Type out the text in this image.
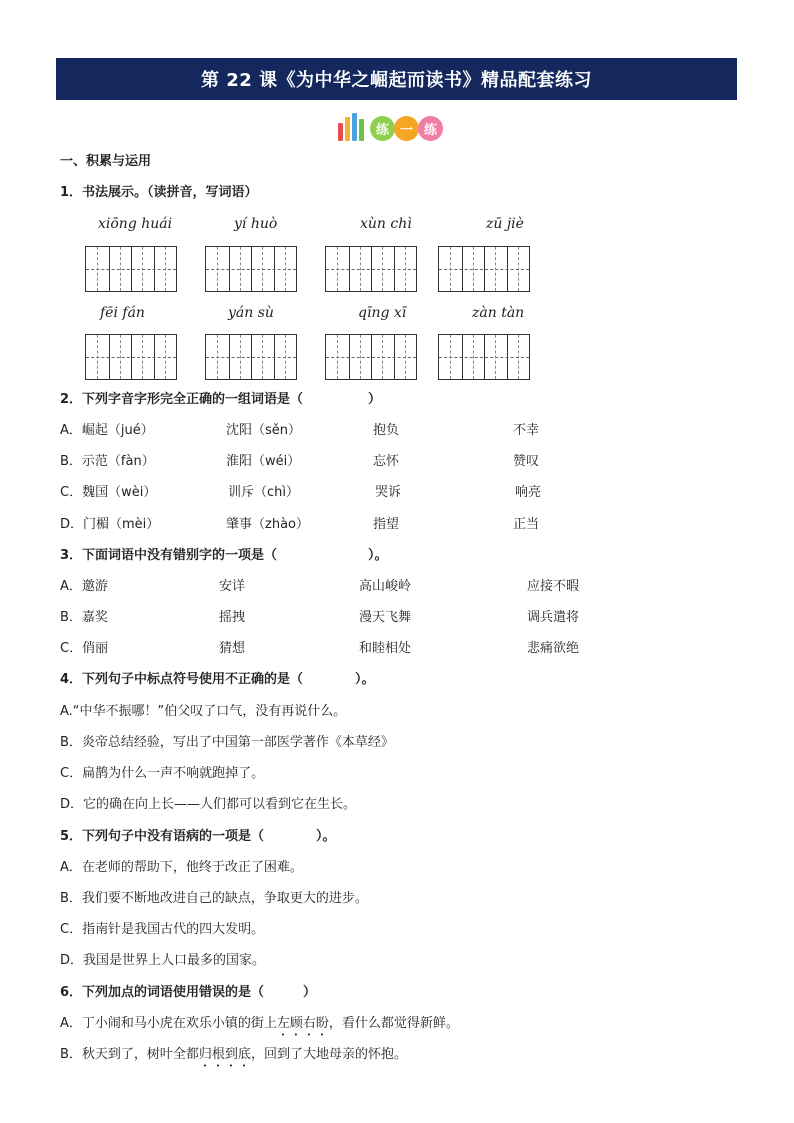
第 22 课《为中华之崛起而读书》精品配套练习
练 一 练
一、积累与运用
1．书法展示。（读拼音，写词语）
xiōng huái	yí huò	xùn chì	zū jiè
fēi fán	yán sù	qīng xī	zàn tàn
2．下列字音字形完全正确的一组词语是（　　　　　）
A．崛起（jué）	沈阳（sěn）	抱负	不幸
B．示范（fàn）	淮阳（wéi）	忘怀	赞叹
C．魏国（wèi）	训斥（chì）	哭诉	响亮
D．门楣（mèi）	肇事（zhào）	指望	正当
3．下面词语中没有错别字的一项是（　　　　　　　）。
A．邀游	安详	高山峻岭	应接不暇
B．嘉奖	摇拽	漫天飞舞	调兵遣将
C．俏丽	猜想	和睦相处	悲痛欲绝
4．下列句子中标点符号使用不正确的是（　　　　）。
A.“中华不振哪！”伯父叹了口气，没有再说什么。
B．炎帝总结经验，写出了中国第一部医学著作《本草经》
C．扁鹊为什么一声不响就跑掉了。
D．它的确在向上长——人们都可以看到它在生长。
5．下列句子中没有语病的一项是（　　　　）。
A．在老师的帮助下，他终于改正了困难。
B．我们要不断地改进自己的缺点，争取更大的进步。
C．指南针是我国古代的四大发明。
D．我国是世界上人口最多的国家。
6．下列加点的词语使用错误的是（　　　）
A．丁小闹和马小虎在欢乐小镇的街上左顾右盼，看什么都觉得新鲜。
B．秋天到了，树叶全都归根到底，回到了大地母亲的怀抱。
